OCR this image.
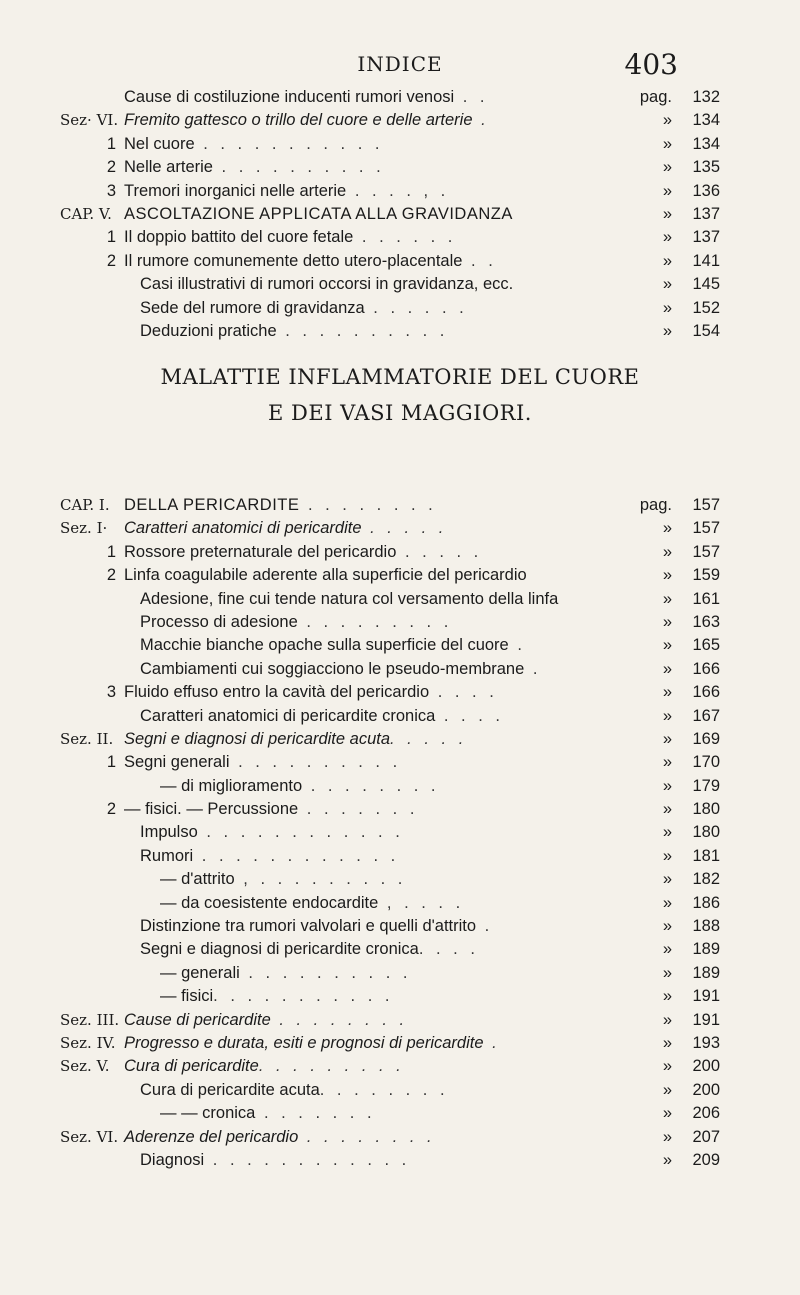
INDICE	403
Cause di costiluzione inducenti rumori venosi . .	pag.	132
Sez· VI. Fremito gattesco o trillo del cuore e delle arterie .	»	134
1 Nel cuore . . . . . . . . . . .	»	134
2 Nelle arterie . . . . . . . . . .	»	135
3 Tremori inorganici nelle arterie . . . . , .	»	136
CAP. V. ASCOLTAZIONE APPLICATA ALLA GRAVIDANZA	»	137
1 Il doppio battito del cuore fetale . . . . . .	»	137
2 Il rumore comunemente detto utero-placentale . .	»	141
Casi illustrativi di rumori occorsi in gravidanza, ecc.	»	145
Sede del rumore di gravidanza . . . . . .	»	152
Deduzioni pratiche . . . . . . . . . .	»	154
MALATTIE INFLAMMATORIE DEL CUORE
E DEI VASI MAGGIORI.
CAP. I. DELLA PERICARDITE . . . . . . . .	pag.	157
Sez. I·	Caratteri anatomici di pericardite . . . . .	»	157
1 Rossore preternaturale del pericardio . . . . .	»	157
2 Linfa coagulabile aderente alla superficie del pericardio	»	159
Adesione, fine cui tende natura col versamento della linfa	»	161
Processo di adesione . . . . . . . . .	»	163
Macchie bianche opache sulla superficie del cuore .	»	165
Cambiamenti cui soggiacciono le pseudo-membrane .	»	166
3 Fluido effuso entro la cavità del pericardio . . . .	»	166
Caratteri anatomici di pericardite cronica . . . .	»	167
Sez. II. Segni e diagnosi di pericardite acuta. . . . .	»	169
1 Segni generali . . . . . . . . . .	»	170
— di miglioramento . . . . . . . .	»	179
2 — fisici. — Percussione . . . . . . .	»	180
Impulso . . . . . . . . . . . .	»	180
Rumori . . . . . . . . . . . .	»	181
— d'attrito , . . . . . . . . .	»	182
— da coesistente endocardite , . . . .	»	186
Distinzione tra rumori valvolari e quelli d'attrito .	»	188
Segni e diagnosi di pericardite cronica. . . .	»	189
— generali . . . . . . . . . .	»	189
— fisici. . . . . . . . . . .	»	191
Sez. III. Cause di pericardite . . . . . . . .	»	191
Sez. IV. Progresso e durata, esiti e prognosi di pericardite .	»	193
Sez. V. Cura di pericardite. . . . . . . . .	»	200
Cura di pericardite acuta. . . . . . . .	»	200
— — cronica . . . . . . .	»	206
Sez. VI. Aderenze del pericardio . . . . . . . .	»	207
Diagnosi . . . . . . . . . . . .	»	209
